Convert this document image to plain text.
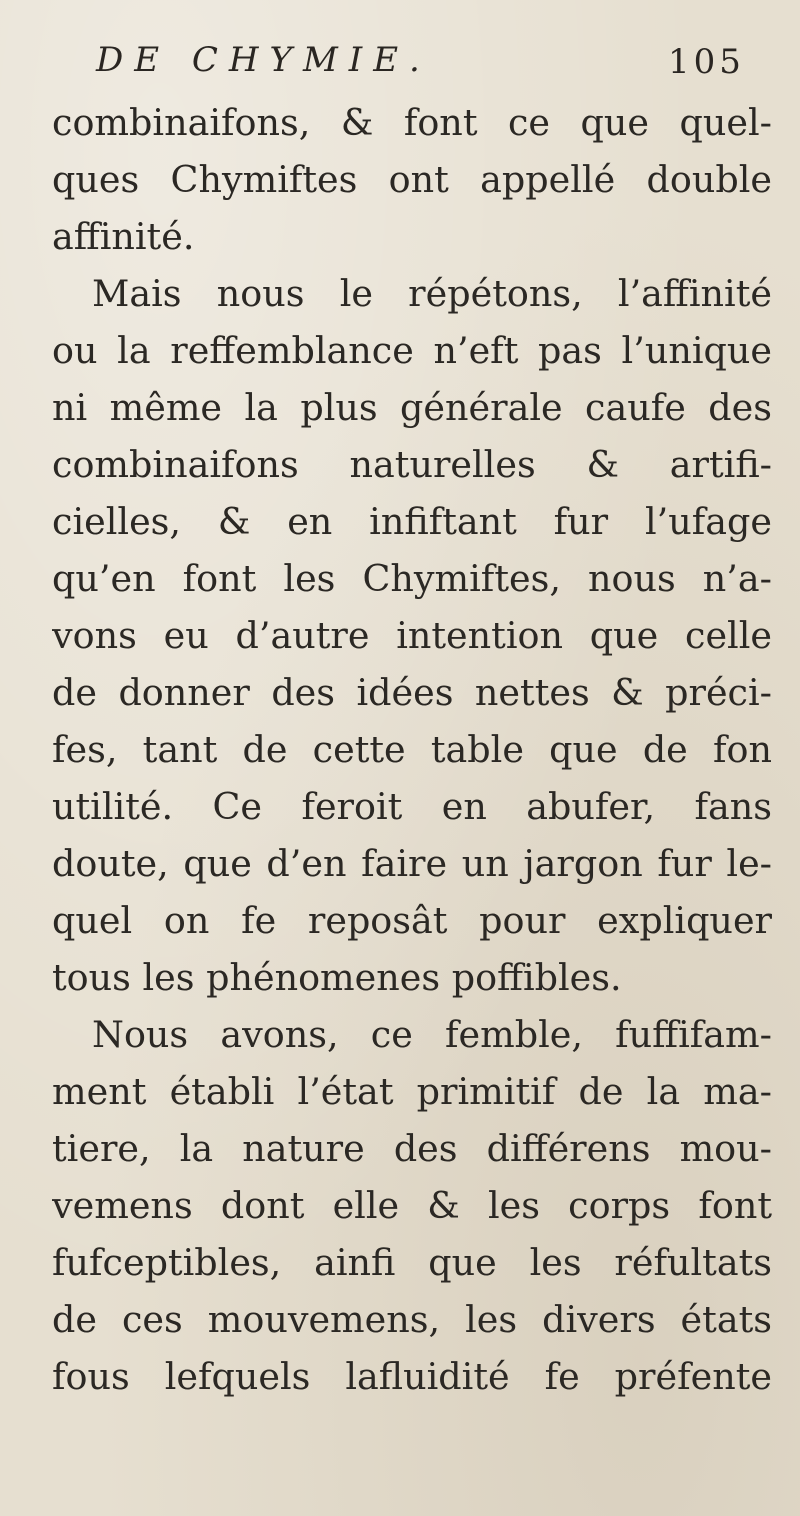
DE CHYMIE.	105
combinaifons, & font ce que quel-
ques Chymiftes ont appellé double
affinité.
Mais nous le répétons, l’affinité
ou la reffemblance n’eft pas l’unique
ni même la plus générale caufe des
combinaifons naturelles & artifi-
cielles, & en infiftant fur l’ufage
qu’en font les Chymiftes, nous n’a-
vons eu d’autre intention que celle
de donner des idées nettes & préci-
fes, tant de cette table que de fon
utilité. Ce feroit en abufer, fans
doute, que d’en faire un jargon fur le-
quel on fe reposât pour expliquer
tous les phénomenes poffibles.
Nous avons, ce femble, fuffifam-
ment établi l’état primitif de la ma-
tiere, la nature des différens mou-
vemens dont elle & les corps font
fufceptibles, ainfi que les réfultats
de ces mouvemens, les divers états
fous lefquels lafluidité fe préfente
